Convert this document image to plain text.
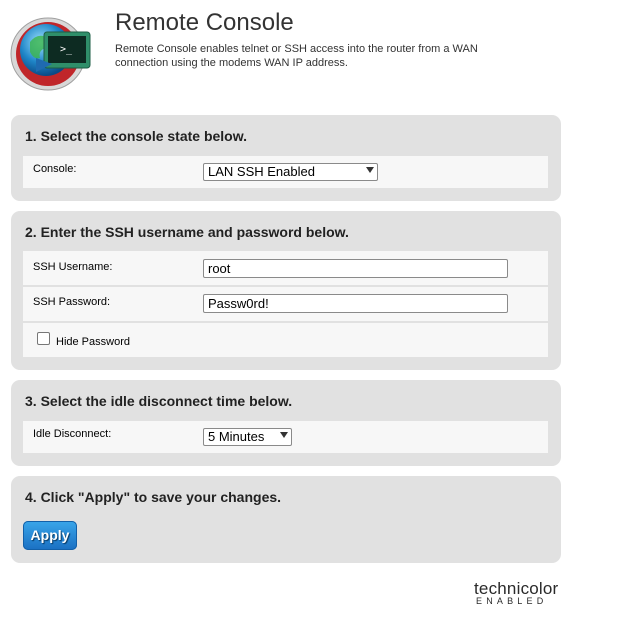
>_
Remote Console
Remote Console enables telnet or SSH access into the router from a WAN connection using the modems WAN IP address.
1. Select the console state below.
Console:	LAN SSH Enabled
2. Enter the SSH username and password below.
SSH Username:	root
SSH Password:	Passw0rd!
Hide Password
3. Select the idle disconnect time below.
Idle Disconnect:	5 Minutes
4. Click "Apply" to save your changes.
Apply
technicolor
ENABLED
